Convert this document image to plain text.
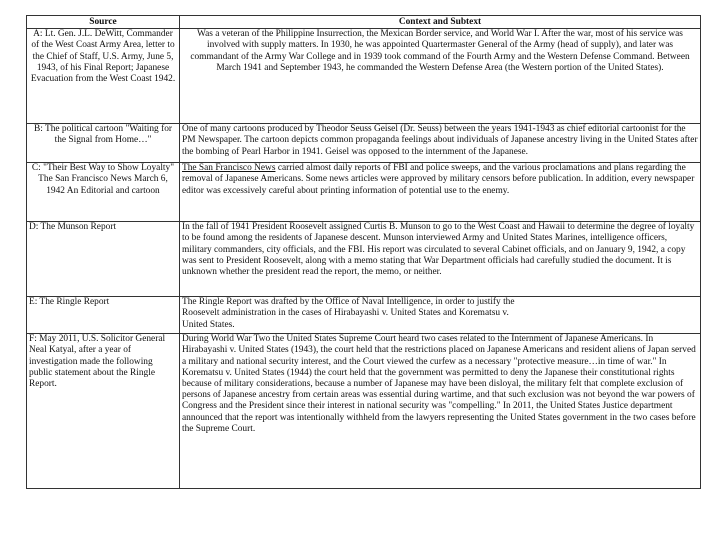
Source	Context and Subtext
A: Lt. Gen. J.L. DeWitt, Commander of the West Coast Army Area, letter to the Chief of Staff, U.S. Army, June 5, 1943, of his Final Report; Japanese Evacuation from the West Coast 1942.	Was a veteran of the Philippine Insurrection, the Mexican Border service, and World War I. After the war, most of his service was involved with supply matters. In 1930, he was appointed Quartermaster General of the Army (head of supply), and later was commandant of the Army War College and in 1939 took command of the Fourth Army and the Western Defense Command. Between March 1941 and September 1943, he commanded the Western Defense Area (the Western portion of the United States).
B: The political cartoon "Waiting for the Signal from Home…"	One of many cartoons produced by Theodor Seuss Geisel (Dr. Seuss) between the years 1941-1943 as chief editorial cartoonist for the PM Newspaper. The cartoon depicts common propaganda feelings about individuals of Japanese ancestry living in the United States after the bombing of Pearl Harbor in 1941. Geisel was opposed to the internment of the Japanese.
C: "Their Best Way to Show Loyalty" The San Francisco News March 6, 1942 An Editorial and cartoon	The San Francisco News carried almost daily reports of FBI and police sweeps, and the various proclamations and plans regarding the removal of Japanese Americans. Some news articles were approved by military censors before publication. In addition, every newspaper editor was excessively careful about printing information of potential use to the enemy.
D: The Munson Report	In the fall of 1941 President Roosevelt assigned Curtis B. Munson to go to the West Coast and Hawaii to determine the degree of loyalty to be found among the residents of Japanese descent. Munson interviewed Army and United States Marines, intelligence officers, military commanders, city officials, and the FBI. His report was circulated to several Cabinet officials, and on January 9, 1942, a copy was sent to President Roosevelt, along with a memo stating that War Department officials had carefully studied the document. It is unknown whether the president read the report, the memo, or neither.
E: The Ringle Report	The Ringle Report was drafted by the Office of Naval Intelligence, in order to justify the

Roosevelt administration in the cases of Hirabayashi v. United States and Korematsu v.

United States.

F: May 2011, U.S. Solicitor General Neal Katyal, after a year of investigation made the following public statement about the Ringle Report.	During World War Two the United States Supreme Court heard two cases related to the Internment of Japanese Americans. In Hirabayashi v. United States (1943), the court held that the restrictions placed on Japanese Americans and resident aliens of Japan served a military and national security interest, and the Court viewed the curfew as a necessary "protective measure…in time of war." In Korematsu v. United States (1944) the court held that the government was permitted to deny the Japanese their constitutional rights because of military considerations, because a number of Japanese may have been disloyal, the military felt that complete exclusion of persons of Japanese ancestry from certain areas was essential during wartime, and that such exclusion was not beyond the war powers of Congress and the President since their interest in national security was "compelling." In 2011, the United States Justice department announced that the report was intentionally withheld from the lawyers representing the United States government in the two cases before the Supreme Court.
